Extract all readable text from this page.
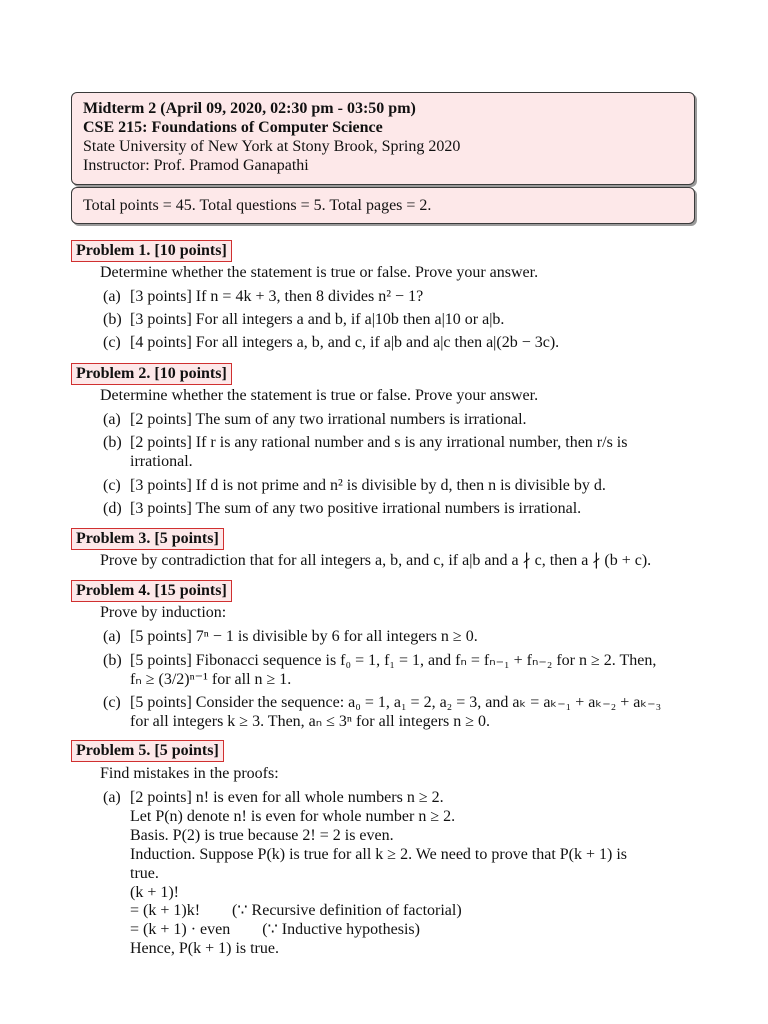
Midterm 2 (April 09, 2020, 02:30 pm - 03:50 pm)
CSE 215: Foundations of Computer Science
State University of New York at Stony Brook, Spring 2020
Instructor: Prof. Pramod Ganapathi
Total points = 45. Total questions = 5. Total pages = 2.
Problem 1. [10 points]
Determine whether the statement is true or false. Prove your answer.
(a) [3 points] If n = 4k + 3, then 8 divides n² − 1?
(b) [3 points] For all integers a and b, if a|10b then a|10 or a|b.
(c) [4 points] For all integers a, b, and c, if a|b and a|c then a|(2b − 3c).
Problem 2. [10 points]
Determine whether the statement is true or false. Prove your answer.
(a) [2 points] The sum of any two irrational numbers is irrational.
(b) [2 points] If r is any rational number and s is any irrational number, then r/s is
irrational.
(c) [3 points] If d is not prime and n² is divisible by d, then n is divisible by d.
(d) [3 points] The sum of any two positive irrational numbers is irrational.
Problem 3. [5 points]
Prove by contradiction that for all integers a, b, and c, if a|b and a ∤ c, then a ∤ (b + c).
Problem 4. [15 points]
Prove by induction:
(a) [5 points] 7ⁿ − 1 is divisible by 6 for all integers n ≥ 0.
(b) [5 points] Fibonacci sequence is f₀ = 1, f₁ = 1, and fₙ = fₙ₋₁ + fₙ₋₂ for n ≥ 2. Then,
fₙ ≥ (3/2)ⁿ⁻¹ for all n ≥ 1.
(c) [5 points] Consider the sequence: a₀ = 1, a₁ = 2, a₂ = 3, and aₖ = aₖ₋₁ + aₖ₋₂ + aₖ₋₃
for all integers k ≥ 3. Then, aₙ ≤ 3ⁿ for all integers n ≥ 0.
Problem 5. [5 points]
Find mistakes in the proofs:
(a) [2 points] n! is even for all whole numbers n ≥ 2.
Let P(n) denote n! is even for whole number n ≥ 2.
Basis. P(2) is true because 2! = 2 is even.
Induction. Suppose P(k) is true for all k ≥ 2. We need to prove that P(k + 1) is
true.
(k + 1)!
= (k + 1)k!        (∵ Recursive definition of factorial)
= (k + 1) · even        (∵ Inductive hypothesis)
Hence, P(k + 1) is true.
